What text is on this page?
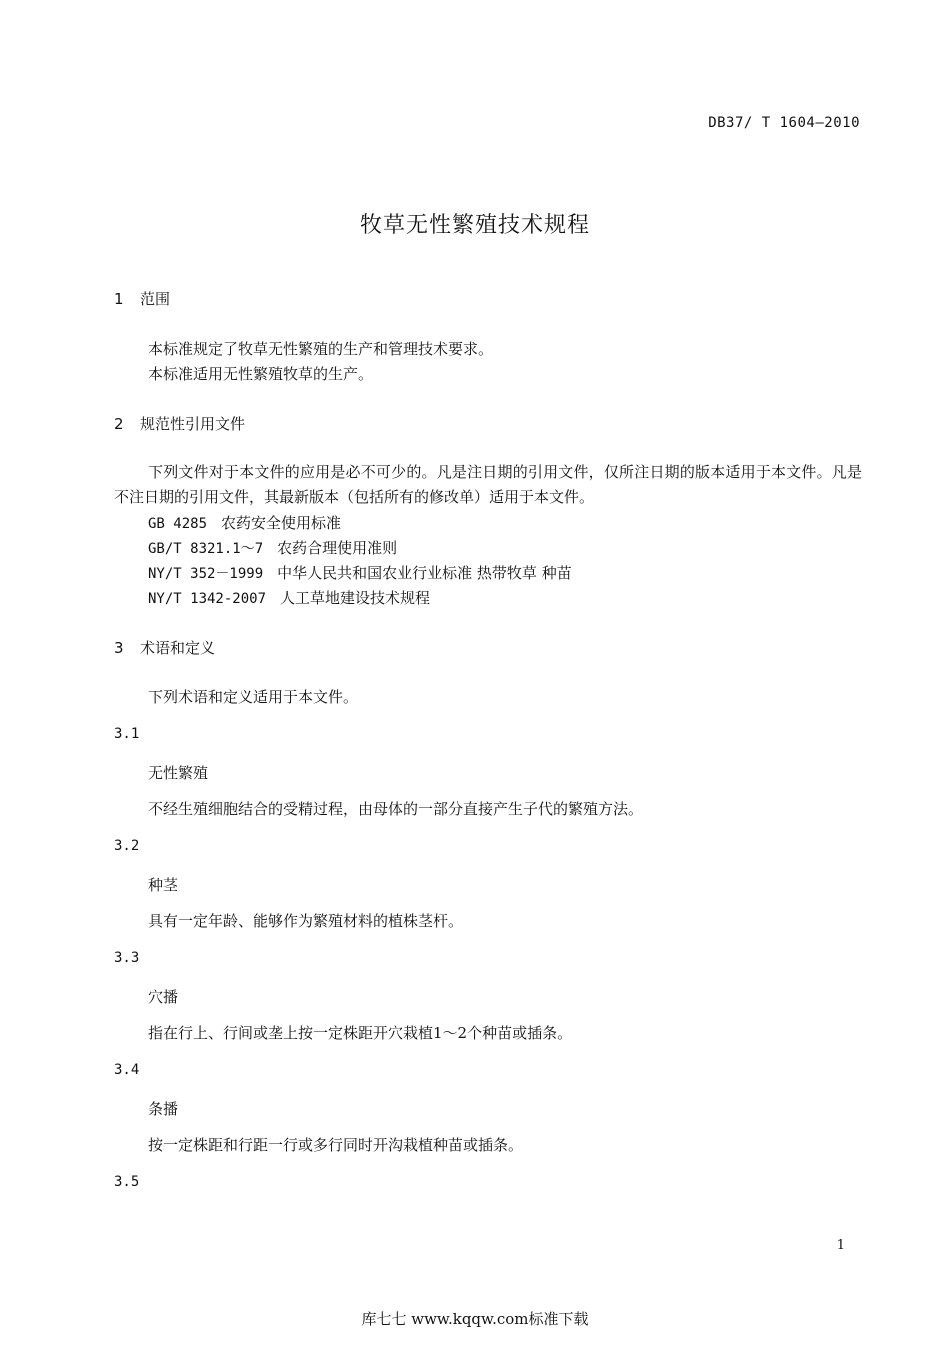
DB37/ T 1604—2010
牧草无性繁殖技术规程
1 范围
本标准规定了牧草无性繁殖的生产和管理技术要求。
本标准适用无性繁殖牧草的生产。
2 规范性引用文件
下列文件对于本文件的应用是必不可少的。凡是注日期的引用文件，仅所注日期的版本适用于本文件。凡是不注日期的引用文件，其最新版本（包括所有的修改单）适用于本文件。
GB 4285 农药安全使用标准
GB/T 8321.1～7 农药合理使用准则
NY/T 352－1999 中华人民共和国农业行业标准 热带牧草 种苗
NY/T 1342-2007 人工草地建设技术规程
3 术语和定义
下列术语和定义适用于本文件。
3.1
无性繁殖
不经生殖细胞结合的受精过程，由母体的一部分直接产生子代的繁殖方法。
3.2
种茎
具有一定年龄、能够作为繁殖材料的植株茎杆。
3.3
穴播
指在行上、行间或垄上按一定株距开穴栽植1～2个种苗或插条。
3.4
条播
按一定株距和行距一行或多行同时开沟栽植种苗或插条。
3.5
1
库七七 www.kqqw.com标准下载
